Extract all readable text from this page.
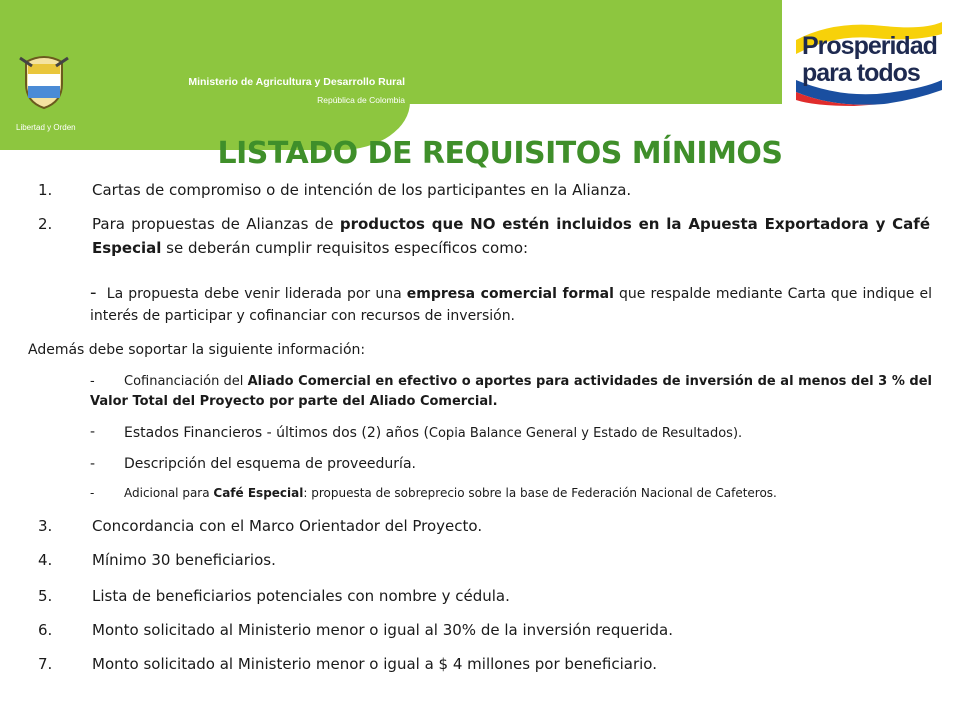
Libertad y Orden
Ministerio de Agricultura y Desarrollo Rural
República de Colombia
Prosperidad
para todos
LISTADO DE REQUISITOS MÍNIMOS
1.	Cartas de compromiso o de intención de los participantes en la Alianza.
2.	Para propuestas de Alianzas de productos que NO estén incluidos en la Apuesta Exportadora y Café Especial se deberán cumplir requisitos específicos como:
- La propuesta debe venir liderada por una empresa comercial formal que respalde mediante Carta que indique el interés de participar y cofinanciar con recursos de inversión.
Además debe soportar la siguiente información:
-	Cofinanciación del Aliado Comercial en efectivo o aportes para actividades de inversión de al menos del 3 % del Valor Total del Proyecto por parte del Aliado Comercial.
- Estados Financieros - últimos dos (2) años (Copia Balance General y Estado de Resultados).
- Descripción del esquema de proveeduría.
- Adicional para Café Especial: propuesta de sobreprecio sobre la base de Federación Nacional de Cafeteros.
3.	Concordancia con el Marco Orientador del Proyecto.
4.	Mínimo 30 beneficiarios.
5.	Lista de beneficiarios potenciales con nombre y cédula.
6.	Monto solicitado al Ministerio menor o igual al 30% de la inversión requerida.
7.	Monto solicitado al Ministerio menor o igual a $ 4 millones por beneficiario.
